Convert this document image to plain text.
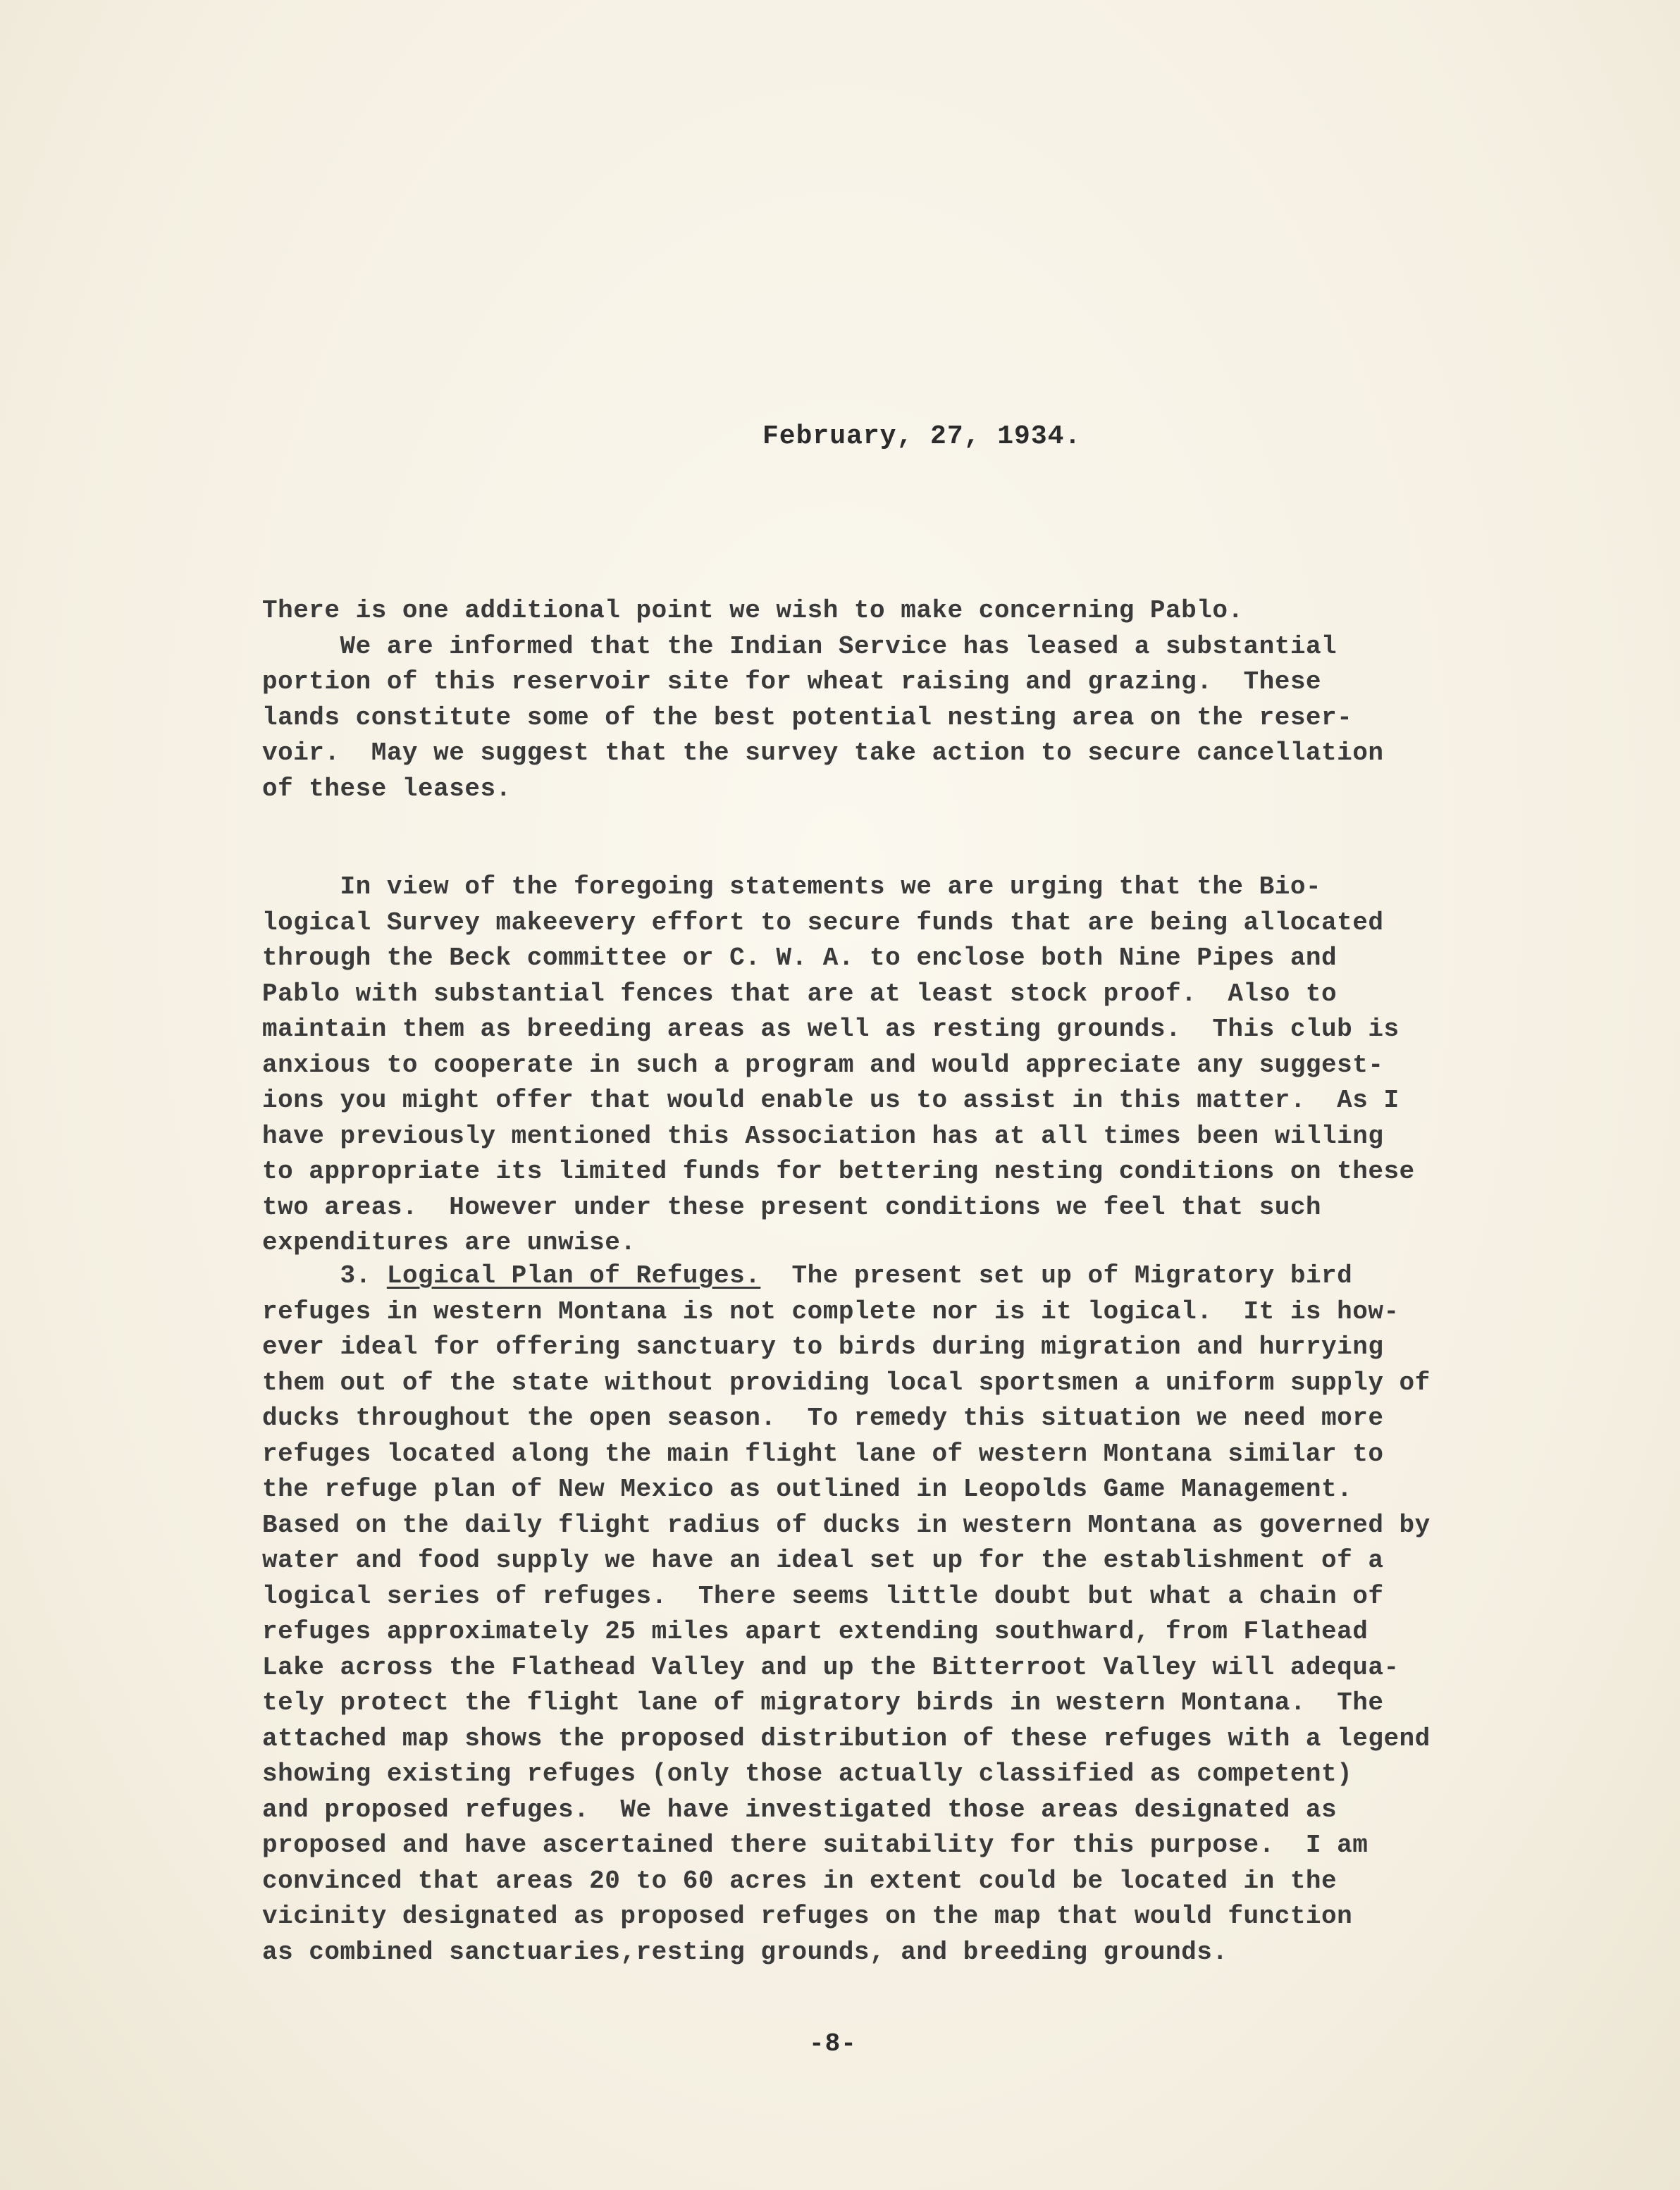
February, 27, 1934.

There is one additional point we wish to make concerning Pablo.
We are informed that the Indian Service has leased a substantial
portion of this reservoir site for wheat raising and grazing.  These
lands constitute some of the best potential nesting area on the reser-
voir.  May we suggest that the survey take action to secure cancellation
of these leases.

In view of the foregoing statements we are urging that the Bio-
logical Survey makeevery effort to secure funds that are being allocated
through the Beck committee or C. W. A. to enclose both Nine Pipes and
Pablo with substantial fences that are at least stock proof.  Also to
maintain them as breeding areas as well as resting grounds.  This club is
anxious to cooperate in such a program and would appreciate any suggest-
ions you might offer that would enable us to assist in this matter.  As I
have previously mentioned this Association has at all times been willing
to appropriate its limited funds for bettering nesting conditions on these
two areas.  However under these present conditions we feel that such
expenditures are unwise.

3. Logical Plan of Refuges.  The present set up of Migratory bird
refuges in western Montana is not complete nor is it logical.  It is how-
ever ideal for offering sanctuary to birds during migration and hurrying
them out of the state without providing local sportsmen a uniform supply of
ducks throughout the open season.  To remedy this situation we need more
refuges located along the main flight lane of western Montana similar to
the refuge plan of New Mexico as outlined in Leopolds Game Management.
Based on the daily flight radius of ducks in western Montana as governed by
water and food supply we have an ideal set up for the establishment of a
logical series of refuges.  There seems little doubt but what a chain of
refuges approximately 25 miles apart extending southward, from Flathead
Lake across the Flathead Valley and up the Bitterroot Valley will adequa-
tely protect the flight lane of migratory birds in western Montana.  The
attached map shows the proposed distribution of these refuges with a legend
showing existing refuges (only those actually classified as competent)
and proposed refuges.  We have investigated those areas designated as
proposed and have ascertained there suitability for this purpose.  I am
convinced that areas 20 to 60 acres in extent could be located in the
vicinity designated as proposed refuges on the map that would function
as combined sanctuaries,resting grounds, and breeding grounds.

-8-
